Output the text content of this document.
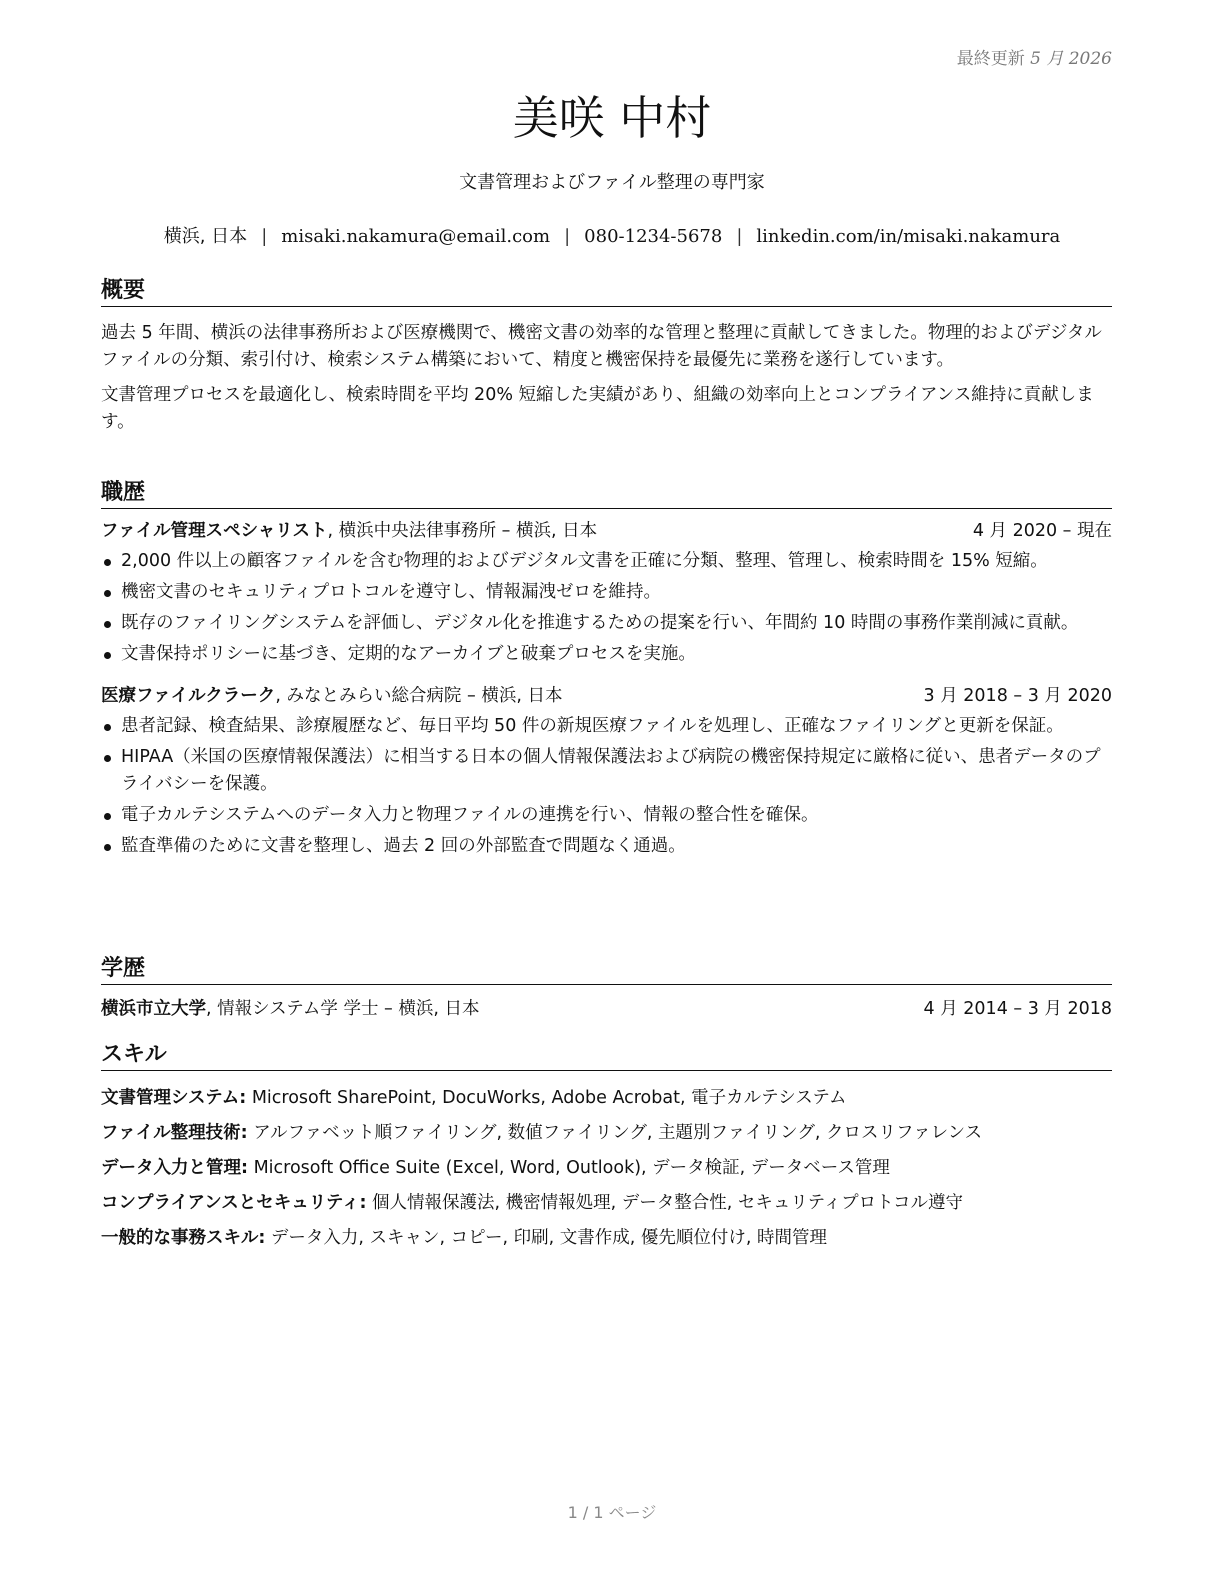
最終更新 5 月 2026
美咲 中村
文書管理およびファイル整理の専門家
横浜, 日本 | misaki.nakamura@email.com | 080-1234-5678 | linkedin.com/in/misaki.nakamura
概要

過去 5 年間、横浜の法律事務所および医療機関で、機密文書の効率的な管理と整理に貢献してきました。物理的およびデジタルファイルの分類、索引付け、検索システム構築において、精度と機密保持を最優先に業務を遂行しています。

文書管理プロセスを最適化し、検索時間を平均 20% 短縮した実績があり、組織の効率向上とコンプライアンス維持に貢献します。

職歴
ファイル管理スペシャリスト, 横浜中央法律事務所 – 横浜, 日本	4 月 2020 – 現在
2,000 件以上の顧客ファイルを含む物理的およびデジタル文書を正確に分類、整理、管理し、検索時間を 15% 短縮。
機密文書のセキュリティプロトコルを遵守し、情報漏洩ゼロを維持。
既存のファイリングシステムを評価し、デジタル化を推進するための提案を行い、年間約 10 時間の事務作業削減に貢献。
文書保持ポリシーに基づき、定期的なアーカイブと破棄プロセスを実施。
医療ファイルクラーク, みなとみらい総合病院 – 横浜, 日本	3 月 2018 – 3 月 2020
患者記録、検査結果、診療履歴など、毎日平均 50 件の新規医療ファイルを処理し、正確なファイリングと更新を保証。
HIPAA（米国の医療情報保護法）に相当する日本の個人情報保護法および病院の機密保持規定に厳格に従い、患者データのプライバシーを保護。
電子カルテシステムへのデータ入力と物理ファイルの連携を行い、情報の整合性を確保。
監査準備のために文書を整理し、過去 2 回の外部監査で問題なく通過。
学歴
横浜市立大学, 情報システム学 学士 – 横浜, 日本	4 月 2014 – 3 月 2018
スキル
文書管理システム: Microsoft SharePoint, DocuWorks, Adobe Acrobat, 電子カルテシステム
ファイル整理技術: アルファベット順ファイリング, 数値ファイリング, 主題別ファイリング, クロスリファレンス
データ入力と管理: Microsoft Office Suite (Excel, Word, Outlook), データ検証, データベース管理
コンプライアンスとセキュリティ: 個人情報保護法, 機密情報処理, データ整合性, セキュリティプロトコル遵守
一般的な事務スキル: データ入力, スキャン, コピー, 印刷, 文書作成, 優先順位付け, 時間管理
1 / 1 ページ
